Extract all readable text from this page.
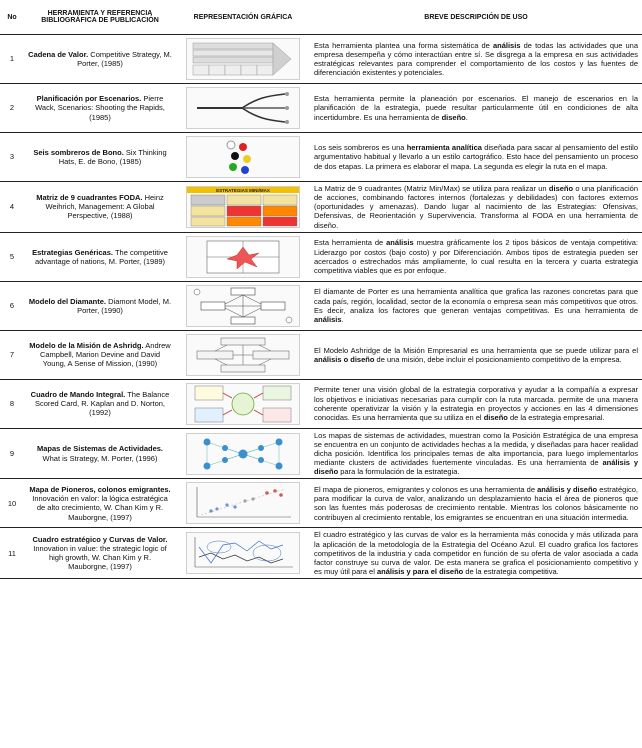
No	HERRAMIENTA Y REFERENCIA BIBLIOGRÁFICA DE PUBLICACIÓN	REPRESENTACIÓN GRÁFICA	BREVE DESCRIPCIÓN DE USO
1	Cadena de Valor. Competitive Strategy, M. Porter, (1985)		Esta herramienta plantea una forma sistemática de análisis de todas las actividades que una empresa desempeña y cómo interactúan entre sí. Se disgrega a la empresa en sus actividades estratégicas relevantes para comprender el comportamiento de los costos y las fuentes de diferenciación existentes y potenciales.
2	Planificación por Escenarios. Pierre Wack, Scenarios: Shooting the Rapids, (1985)		Esta herramienta permite la planeación por escenarios. El manejo de escenarios en la planificación de la estrategia, puede resultar particularmente útil en condiciones de alta incertidumbre. Es una herramienta de diseño.
3	Seis sombreros de Bono. Six Thinking Hats, E. de Bono, (1985)		Los seis sombreros es una herramienta analítica diseñada para sacar al pensamiento del estilo argumentativo habitual y llevarlo a un estilo cartográfico. Esto hace del pensamiento un proceso de dos etapas. La primera es elaborar el mapa. La segunda es elegir la ruta en el mapa.
4	Matriz de 9 cuadrantes FODA. Heinz Weihrich, Management: A Global Perspective, (1988)	ESTRATEGIAS MINI/MAX	La Matriz de 9 cuadrantes (Matriz Min/Max) se utiliza para realizar un diseño o una planificación de acciones, combinando factores internos (fortalezas y debilidades) con factores externos (oportunidades y amenazas). Dando lugar al nacimiento de las Estrategias: Ofensivas, Defensivas, de Reorientación y Supervivencia. Transforma al FODA en una herramienta de diseño.
5	Estrategias Genéricas. The competitive advantage of nations, M. Porter, (1989)		Esta herramienta de análisis muestra gráficamente los 2 tipos básicos de ventaja competitiva: Liderazgo por costos (bajo costo) y por Diferenciación. Ambos tipos de estrategia pueden ser acercados o estrechados más ampliamente, lo cual resulta en la tercera y cuarta estrategia competitiva viables que es por enfoque.
6	Modelo del Diamante. Diamont Model, M. Porter, (1990)		El diamante de Porter es una herramienta analítica que grafica las razones concretas para que cada país, región, localidad, sector de la economía o empresa sean más competitivos que otros. Es decir, analiza los factores que generan ventajas competitivas. Es una herramienta de análisis.
7	Modelo de la Misión de Ashridg. Andrew Campbell, Marion Devine and David Young, A Sense of Mission, (1990)		El Modelo Ashridge de la Misión Empresarial es una herramienta que se puede utilizar para el análisis o diseño de una misión, debe incluir el posicionamiento competitivo de la empresa.
8	Cuadro de Mando Integral. The Balance Scored Card, R. Kaplan and D. Norton, (1992)		Permite tener una visión global de la estrategia corporativa y ayudar a la compañía a expresar los objetivos e iniciativas necesarias para cumplir con la ruta marcada. permite de una manera coherente operativizar la visión y la estrategia en proyectos y acciones en las 4 dimensiones conocidas. Es una herramienta que su utiliza en el diseño de la estrategia empresarial.
9	Mapas de Sistemas de Actividades. What is Strategy, M. Porter, (1996)		Los mapas de sistemas de actividades, muestran como la Posición Estratégica de una empresa se encuentra en un conjunto de actividades hechas a la medida, y diseñadas para hacer realidad dicha posición. Identifica los principales temas de alta importancia, para luego implementarlos mediante clusters de actividades fuertemente vinculadas. Es una herramienta de análisis y diseño para la formulación de la estrategia.
10	Mapa de Pioneros, colonos emigrantes. Innovación en valor: la lógica estratégica de alto crecimiento, W. Chan Kim y R. Mauborgne, (1997)		El mapa de pioneros, emigrantes y colonos es una herramienta de análisis y diseño estratégico, para modificar la curva de valor, analizando un desplazamiento hacia el área de pioneros que son las fuentes más poderosas de crecimiento rentable. Mientras los colonos básicamente no contribuyen al crecimiento rentable, los emigrantes se encuentran en una situación intermedia.
11	Cuadro estratégico y Curvas de Valor. Innovation in value: the strategic logic of high growth, W. Chan Kim y R. Mauborgne, (1997)		El cuadro estratégico y las curvas de valor es la herramienta más conocida y más utilizada para la aplicación de la metodología de la Estrategia del Océano Azul. El cuadro grafica los factores competitivos de la industria y cada competidor en función de su oferta de valor asociada a cada factor construye su curva de valor. De esta manera se grafica el posicionamiento competitivo y es muy útil para el análisis y para el diseño de la estrategia competitiva.
